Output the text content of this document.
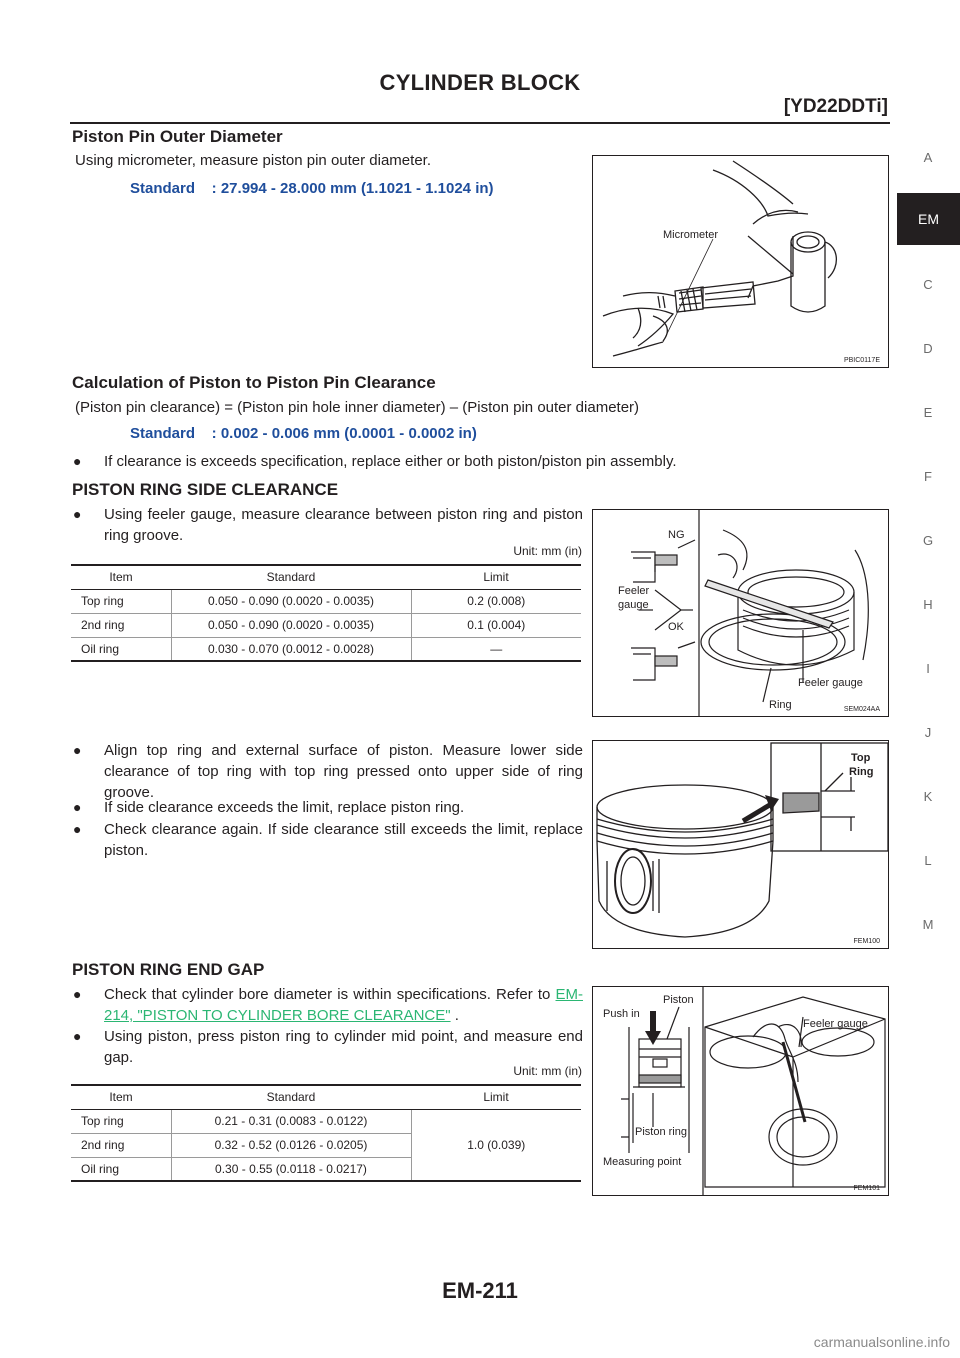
CYLINDER BLOCK
[YD22DDTi]
A
EM
C
D
E
F
G
H
I
J
K
L
M
Piston Pin Outer Diameter
Using micrometer, measure piston pin outer diameter.
Standard    : 27.994 - 28.000 mm (1.1021 - 1.1024 in)
Micrometer
PBIC0117E
Calculation of Piston to Piston Pin Clearance
(Piston pin clearance) = (Piston pin hole inner diameter) – (Piston pin outer diameter)
Standard    : 0.002 - 0.006 mm (0.0001 - 0.0002 in)
● If clearance is exceeds specification, replace either or both piston/piston pin assembly.
PISTON RING SIDE CLEARANCE
● Using feeler gauge, measure clearance between piston ring and piston ring groove.
Unit: mm (in)
Item	Standard	Limit
Top ring	0.050 - 0.090 (0.0020 - 0.0035)	0.2 (0.008)
2nd ring	0.050 - 0.090 (0.0020 - 0.0035)	0.1 (0.004)
Oil ring	0.030 - 0.070 (0.0012 - 0.0028)	—
NG
OK
Feeler
gauge
Feeler gauge
Ring	SEM024AA
● Align top ring and external surface of piston. Measure lower side clearance of top ring with top ring pressed onto upper side of ring groove.
● If side clearance exceeds the limit, replace piston ring.
● Check clearance again. If side clearance still exceeds the limit, replace piston.
Top
Ring
FEM100
PISTON RING END GAP
● Check that cylinder bore diameter is within specifications. Refer to EM-214, "PISTON TO CYLINDER BORE CLEARANCE" .
● Using piston, press piston ring to cylinder mid point, and measure end gap.
Unit: mm (in)
Item	Standard	Limit
Top ring	0.21 - 0.31 (0.0083 - 0.0122)	1.0 (0.039)
2nd ring	0.32 - 0.52 (0.0126 - 0.0205)	
Oil ring	0.30 - 0.55 (0.0118 - 0.0217)	
Piston
Push in
Feeler gauge
Piston ring
Measuring point
FEM101
EM-211
carmanualsonline.info
